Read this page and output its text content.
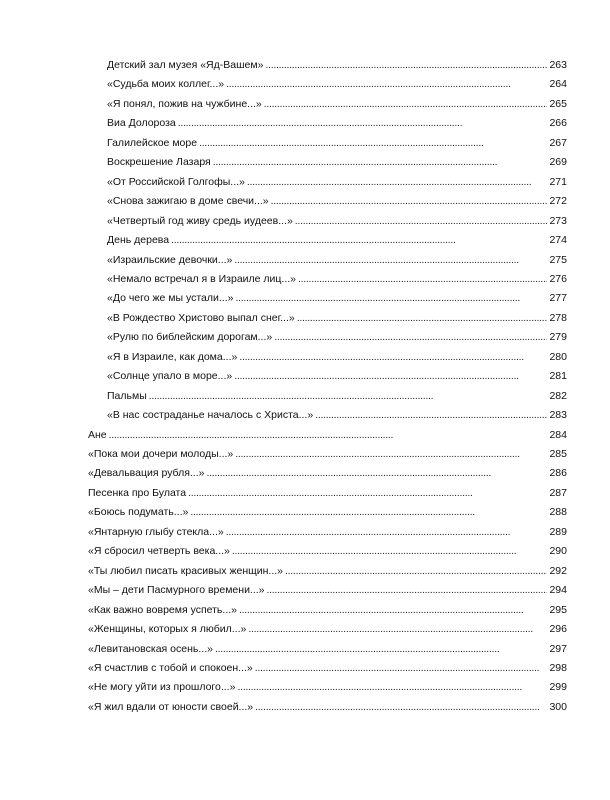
Детский зал музея «Яд-Вашем» . . .	263
«Судьба моих коллег...» . . .	264
«Я понял, пожив на чужбине...» . . .	265
Виа Долороза . . .	266
Галилейское море . . .	267
Воскрешение Лазаря . . .	269
«От Российской Голгофы...» . . .	271
«Снова зажигаю в доме свечи...» . . .	272
«Четвертый год живу средь иудеев...» . . .	273
День дерева . . .	274
«Израильские девочки...» . . .	275
«Немало встречал я в Израиле лиц...» . . .	276
«До чего же мы устали...» . . .	277
«В Рождество Христово выпал снег...» . . .	278
«Рулю по библейским дорогам...» . . .	279
«Я в Израиле, как дома...» . . .	280
«Солнце упало в море...» . . .	281
Пальмы . . .	282
«В нас состраданье началось с Христа...» . . .	283
Ане . . .	284
«Пока мои дочери молоды...» . . .	285
«Девальвация рубля...» . . .	286
Песенка про Булата . . .	287
«Боюсь подумать...» . . .	288
«Янтарную глыбу стекла...» . . .	289
«Я сбросил четверть века...» . . .	290
«Ты любил писать красивых женщин...» . . .	292
«Мы – дети Пасмурного времени...» . . .	294
«Как важно вовремя успеть...» . . .	295
«Женщины, которых я любил...» . . .	296
«Левитановская осень...» . . .	297
«Я счастлив с тобой и спокоен...» . . .	298
«Не могу уйти из прошлого...» . . .	299
«Я жил вдали от юности своей...» . . .	300
